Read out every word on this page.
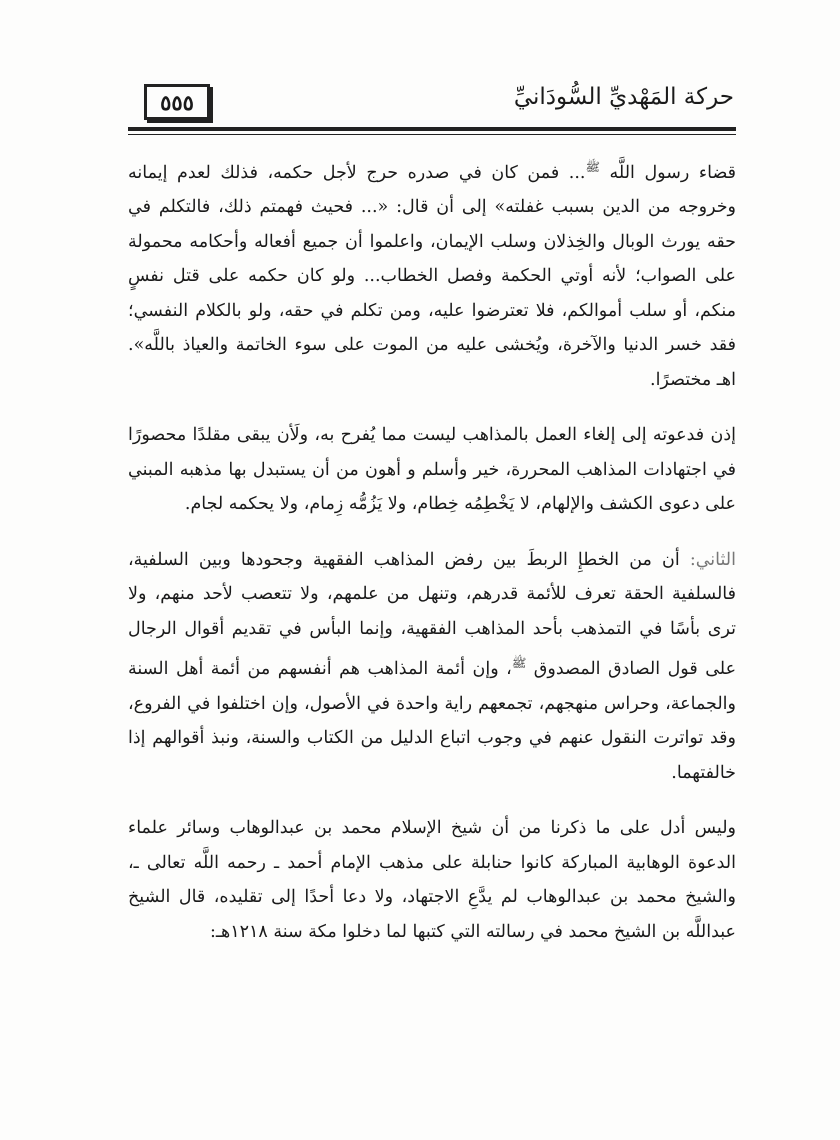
٥٥٥	حركة المَهْديِّ السُّودَانيِّ

قضاء رسول اللَّه $^ﷺ$... فمن كان في صدره حرج لأجل حكمه، فذلك لعدم إيمانه وخروجه من الدين بسبب غفلته» إلى أن قال: «... فحيث فهمتم ذلك، فالتكلم في حقه يورث الوبال والخِذلان وسلب الإيمان، واعلموا أن جميع أفعاله وأحكامه محمولة على الصواب؛ لأنه أوتي الحكمة وفصل الخطاب... ولو كان حكمه على قتل نفسٍ منكم، أو سلب أموالكم، فلا تعترضوا عليه، ومن تكلم في حقه، ولو بالكلام النفسي؛ فقد خسر الدنيا والآخرة، ويُخشى عليه من الموت على سوء الخاتمة والعياذ باللَّه». اهـ مختصرًا.

إذن فدعوته إلى إلغاء العمل بالمذاهب ليست مما يُفرح به، ولَأن يبقى مقلدًا محصورًا في اجتهادات المذاهب المحررة، خير وأسلم و أهون من أن يستبدل بها مذهبه المبني على دعوى الكشف والإلهام، لا يَخْطِمُه خِطام، ولا يَزُمُّه زِمام، ولا يحكمه لجام.

الثاني: أن من الخطإِ الربطَ بين رفض المذاهب الفقهية وجحودها وبين السلفية، فالسلفية الحقة تعرف للأئمة قدرهم، وتنهل من علمهم، ولا تتعصب لأحد منهم، ولا ترى بأسًا في التمذهب بأحد المذاهب الفقهية، وإنما البأس في تقديم أقوال الرجال على قول الصادق المصدوق $^ﷺ$، وإن أئمة المذاهب هم أنفسهم من أئمة أهل السنة والجماعة، وحراس منهجهم، تجمعهم راية واحدة في الأصول، وإن اختلفوا في الفروع، وقد تواترت النقول عنهم في وجوب اتباع الدليل من الكتاب والسنة، ونبذ أقوالهم إذا خالفتهما.

وليس أدل على ما ذكرنا من أن شيخ الإسلام محمد بن عبدالوهاب وسائر علماء الدعوة الوهابية المباركة كانوا حنابلة على مذهب الإمام أحمد ـ رحمه اللَّه تعالى ـ، والشيخ محمد بن عبدالوهاب لم يدَّعِ الاجتهاد، ولا دعا أحدًا إلى تقليده، قال الشيخ عبداللَّه بن الشيخ محمد في رسالته التي كتبها لما دخلوا مكة سنة ١٢١٨هـ:
